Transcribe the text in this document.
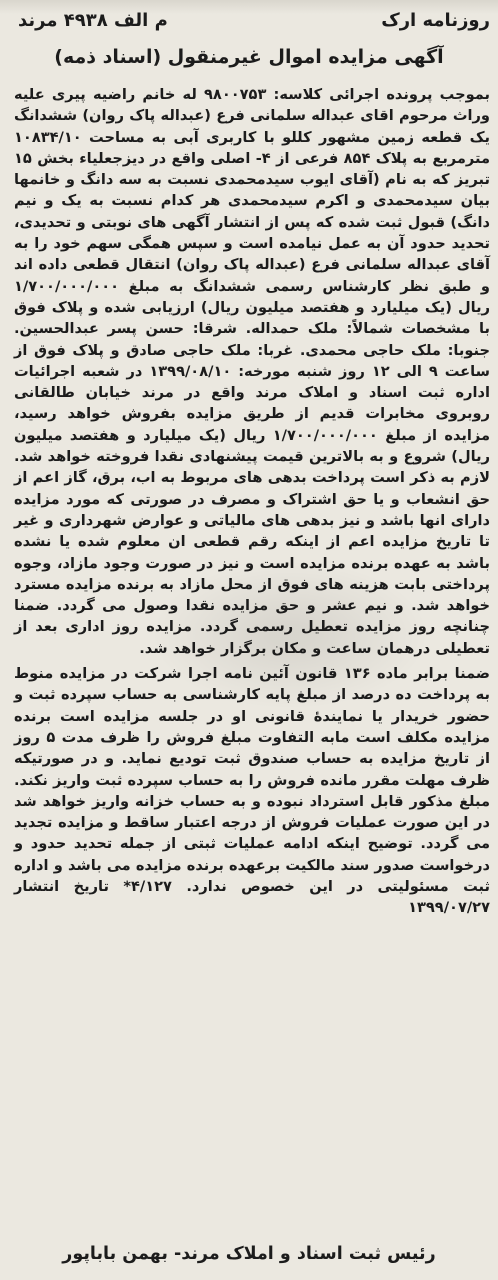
روزنامه ارک
م الف ۴۹۳۸ مرند
آگهی مزایده اموال غیرمنقول (اسناد ذمه)

بموجب پرونده اجرائی کلاسه: ۹۸۰۰۷۵۳ له خانم راضیه پیری علیه وراث مرحوم اقای عبداله سلمانی فرع (عبداله پاک روان) ششدانگ یک قطعه زمین مشهور کللو با کاربری آبی به مساحت ۱۰۸۳۴/۱۰ مترمربع به پلاک ۸۵۴ فرعی از ۴- اصلی واقع در دیزجعلیاء بخش ۱۵ تبریز که به نام (آقای ایوب سیدمحمدی نسبت به سه دانگ و خانمها بیان سیدمحمدی و اکرم سیدمحمدی هر کدام نسبت به یک و نیم دانگ) قبول ثبت شده که پس از انتشار آگهی های نوبتی و تحدیدی، تحدید حدود آن به عمل نیامده است و سپس همگی سهم خود را به آقای عبداله سلمانی فرع (عبداله پاک روان) انتقال قطعی داده اند و طبق نظر کارشناس رسمی ششدانگ به مبلغ ۱/۷۰۰/۰۰۰/۰۰۰ ریال (یک میلیارد و هفتصد میلیون ریال) ارزیابی شده و پلاک فوق با مشخصات شمالاً: ملک حمداله. شرقا: حسن پسر عبدالحسین. جنوبا: ملک حاجی محمدی. غربا: ملک حاجی صادق و پلاک فوق از ساعت ۹ الی ۱۲ روز شنبه مورخه: ۱۳۹۹/۰۸/۱۰ در شعبه اجرائیات اداره ثبت اسناد و املاک مرند واقع در مرند خیابان طالقانی روبروی مخابرات قدیم از طریق مزایده بفروش خواهد رسید، مزایده از مبلغ ۱/۷۰۰/۰۰۰/۰۰۰ ریال (یک میلیارد و هفتصد میلیون ریال) شروع و به بالاترین قیمت پیشنهادی نقدا فروخته خواهد شد. لازم به ذکر است پرداخت بدهی های مربوط به اب، برق، گاز اعم از حق انشعاب و یا حق اشتراک و مصرف در صورتی که مورد مزایده دارای انها باشد و نیز بدهی های مالیاتی و عوارض شهرداری و غیر تا تاریخ مزایده اعم از اینکه رقم قطعی ان معلوم شده یا نشده باشد به عهده برنده مزایده است و نیز در صورت وجود مازاد، وجوه پرداختی بابت هزینه های فوق از محل مازاد به برنده مزایده مسترد خواهد شد. و نیم عشر و حق مزایده نقدا وصول می گردد. ضمنا چنانچه روز مزایده تعطیل رسمی گردد. مزایده روز اداری بعد از تعطیلی درهمان ساعت و مکان برگزار خواهد شد.

ضمنا برابر ماده ۱۳۶ قانون آئین نامه اجرا شرکت در مزایده منوط به پرداخت ده درصد از مبلغ پایه کارشناسی به حساب سپرده ثبت و حضور خریدار یا نمایندهٔ قانونی او در جلسه مزایده است برنده مزایده مکلف است مابه التفاوت مبلغ فروش را ظرف مدت ۵ روز از تاریخ مزایده به حساب صندوق ثبت تودیع نماید. و در صورتیکه ظرف مهلت مقرر مانده فروش را به حساب سپرده ثبت واریز نکند. مبلغ مذکور قابل استرداد نبوده و به حساب خزانه واریز خواهد شد در این صورت عملیات فروش از درجه اعتبار ساقط و مزایده تجدید می گردد. توضیح اینکه ادامه عملیات ثبتی از جمله تحدید حدود و درخواست صدور سند مالکیت برعهده برنده مزایده می باشد و اداره ثبت مسئولیتی در این خصوص ندارد. ۴/۱۲۷* تاریخ انتشار ۱۳۹۹/۰۷/۲۷

رئیس ثبت اسناد و املاک مرند- بهمن باباپور
